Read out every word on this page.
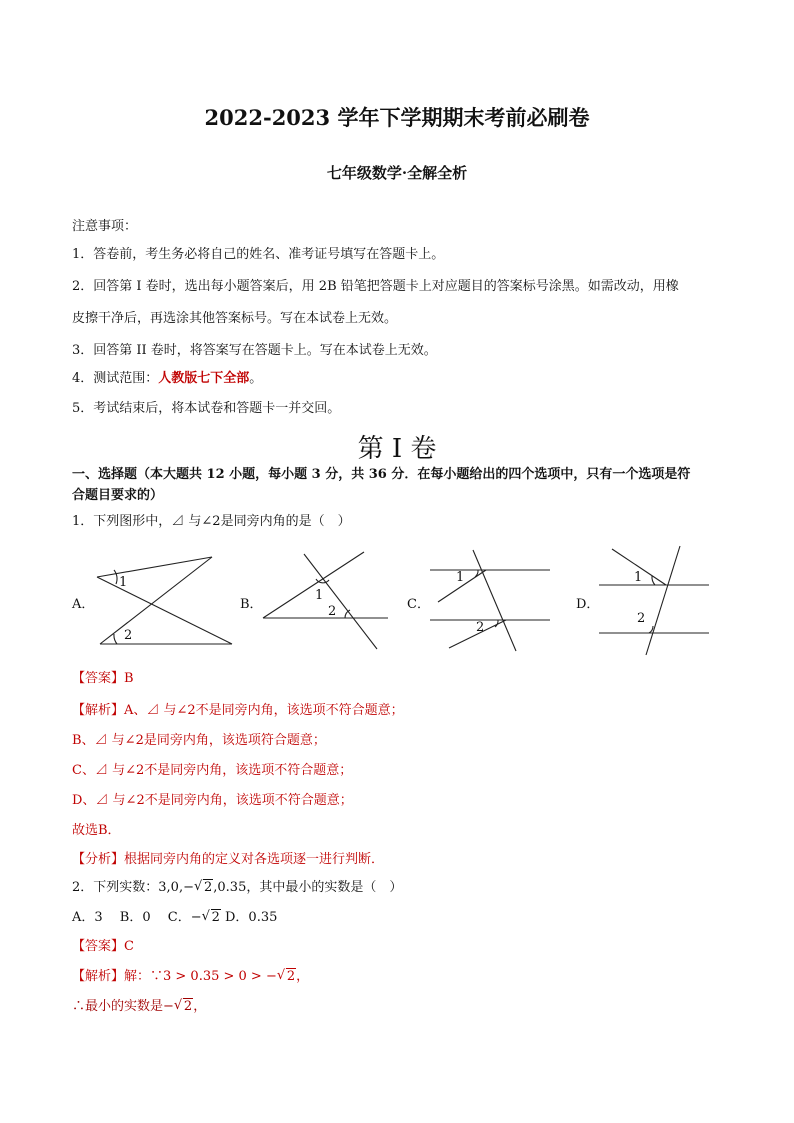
2022-2023 学年下学期期末考前必刷卷
七年级数学·全解全析
注意事项：
1．答卷前，考生务必将自己的姓名、准考证号填写在答题卡上。
2．回答第 I 卷时，选出每小题答案后，用 2B 铅笔把答题卡上对应题目的答案标号涂黑。如需改动，用橡
皮擦干净后，再选涂其他答案标号。写在本试卷上无效。
3．回答第 II 卷时，将答案写在答题卡上。写在本试卷上无效。
4．测试范围：人教版七下全部。
5．考试结束后，将本试卷和答题卡一并交回。
第 I 卷
一、选择题（本大题共 12 小题，每小题 3 分，共 36 分．在每小题给出的四个选项中，只有一个选项是符
合题目要求的）
1．下列图形中，⊿ 与∠2是同旁内角的是（　）
A．
1
2
B．
1
2	C．
1
2
D．
1
2
【答案】B
【解析】A、⊿ 与∠2不是同旁内角，该选项不符合题意；
B、⊿ 与∠2是同旁内角，该选项符合题意；
C、⊿ 与∠2不是同旁内角，该选项不符合题意；
D、⊿ 与∠2不是同旁内角，该选项不符合题意；
故选B．
【分析】根据同旁内角的定义对各选项逐一进行判断．
2．下列实数：3,0,− √ 2,0.35，其中最小的实数是（　）
A．3　 B．0　 C．− √ 2 D．0.35
【答案】C
【解析】解：∵3 > 0.35 > 0 > − √ 2，
∴最小的实数是− √ 2，
